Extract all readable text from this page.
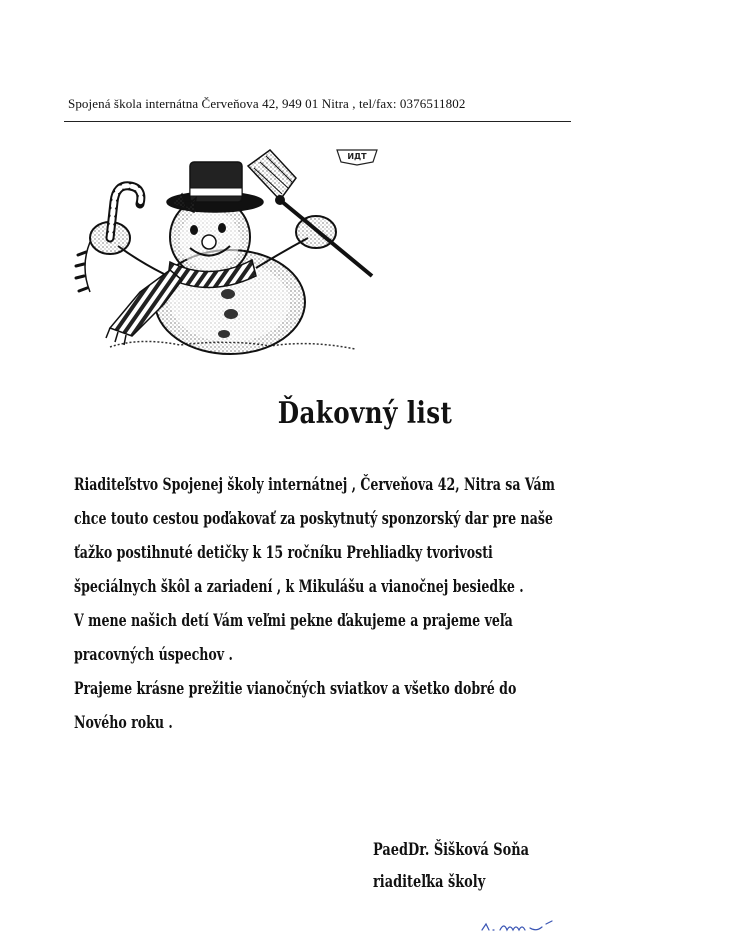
Spojená škola internátna Červeňova 42, 949 01 Nitra , tel/fax: 0376511802
ИДТ
Ďakovný list
Riaditeľstvo Spojenej školy internátnej , Červeňova 42, Nitra sa Vám
chce touto cestou poďakovať za poskytnutý sponzorský dar pre naše
ťažko postihnuté detičky k 15 ročníku Prehliadky tvorivosti
špeciálnych škôl a zariadení , k Mikulášu a vianočnej besiedke .
V mene našich detí Vám veľmi pekne ďakujeme a prajeme veľa
pracovných úspechov .
Prajeme krásne prežitie vianočných sviatkov a všetko dobré do
Nového roku .
PaedDr. Šišková Soňa
riaditeľka školy
